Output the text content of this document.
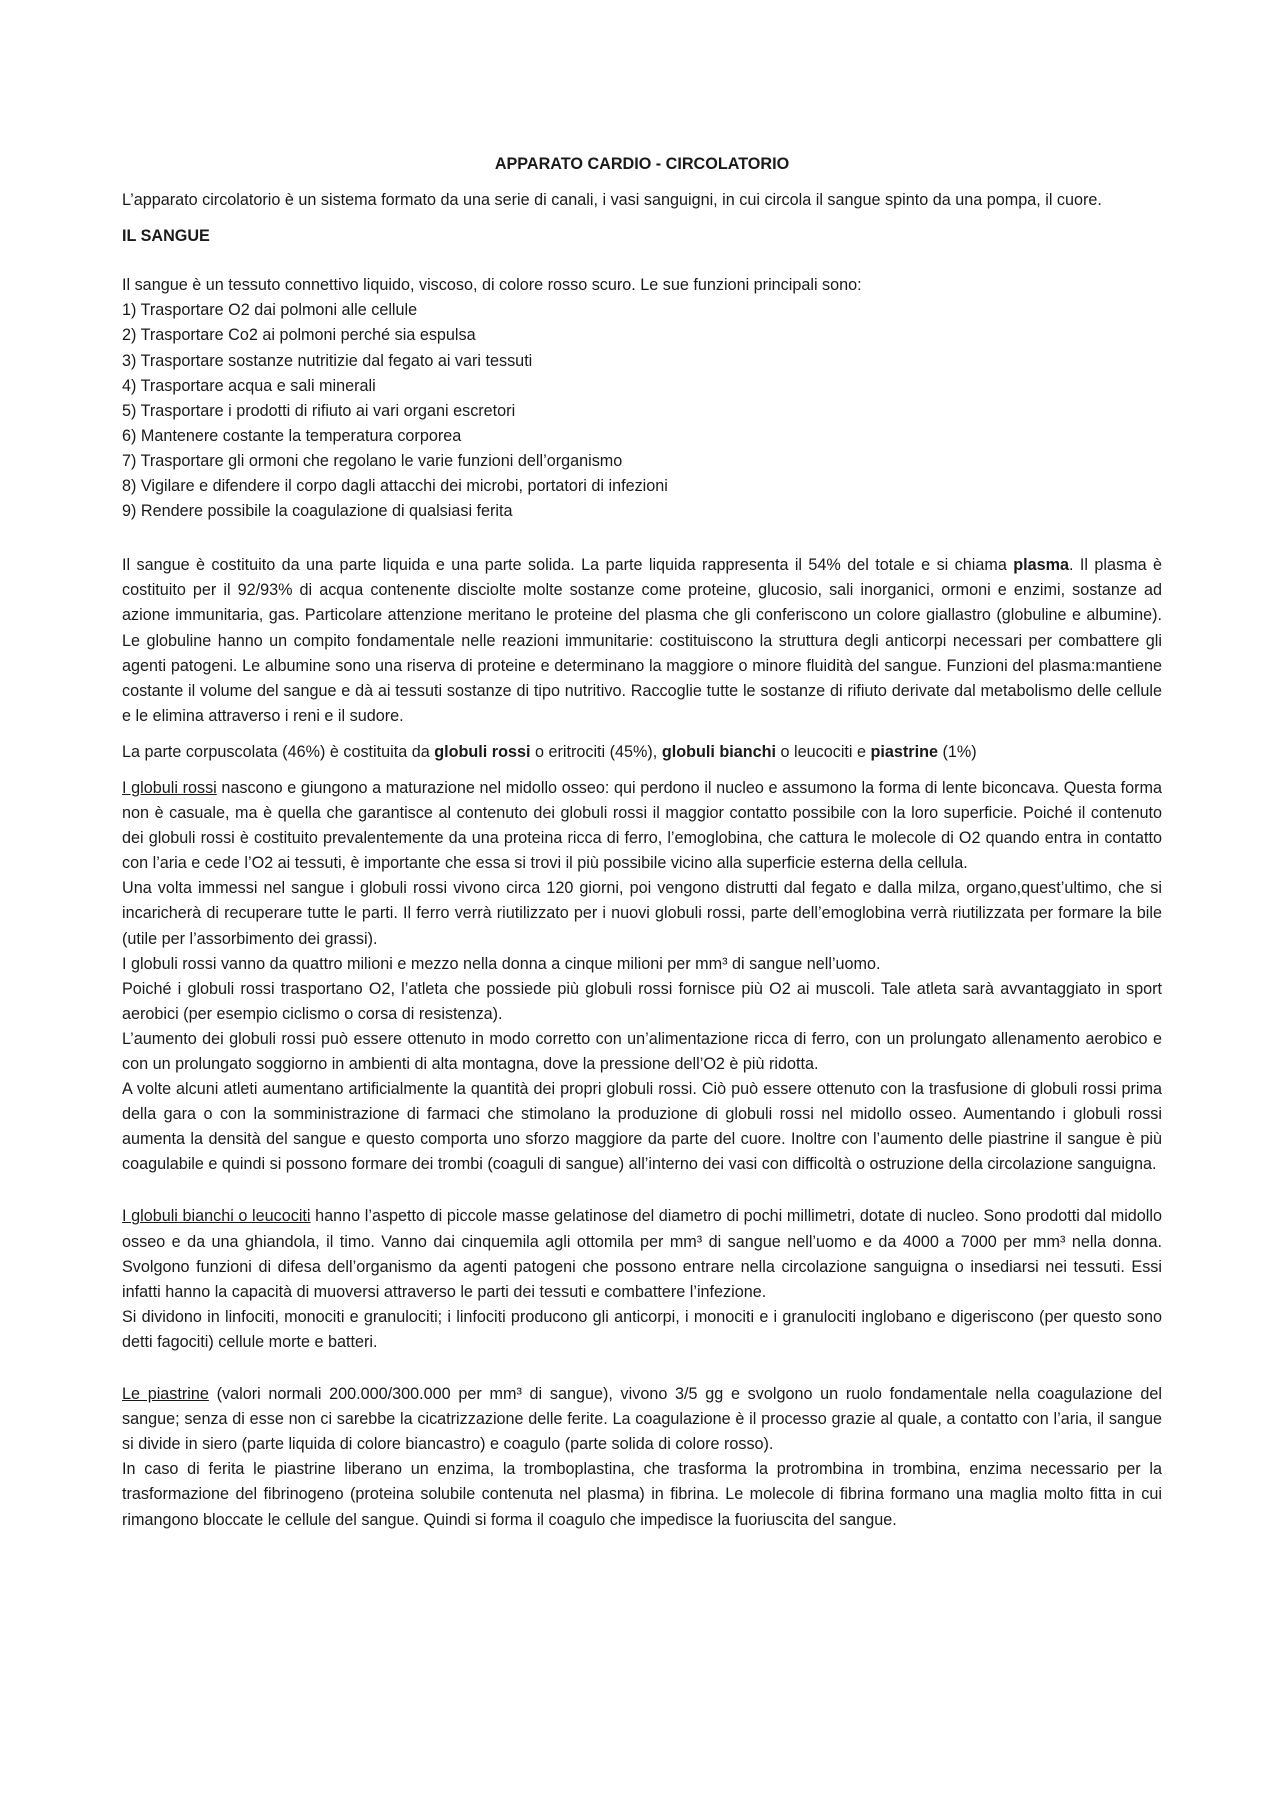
APPARATO CARDIO - CIRCOLATORIO

L’apparato circolatorio è un sistema formato da una serie di canali, i vasi sanguigni, in cui circola il sangue spinto da una pompa, il cuore.

IL SANGUE

Il sangue è un tessuto connettivo liquido, viscoso, di colore rosso scuro. Le sue funzioni principali sono:

1) Trasportare O2 dai polmoni alle cellule
2) Trasportare Co2 ai polmoni perché sia espulsa
3) Trasportare sostanze nutritizie dal fegato ai vari tessuti
4) Trasportare acqua e sali minerali
5) Trasportare i prodotti di rifiuto ai vari organi escretori
6) Mantenere costante la temperatura corporea
7) Trasportare gli ormoni che regolano le varie funzioni dell’organismo
8) Vigilare e difendere il corpo dagli attacchi dei microbi, portatori di infezioni
9) Rendere possibile la coagulazione di qualsiasi ferita

Il sangue è costituito da una parte liquida e una parte solida. La parte liquida rappresenta il 54% del totale e si chiama plasma. Il plasma è costituito per il 92/93% di acqua contenente disciolte molte sostanze come proteine, glucosio, sali inorganici, ormoni e enzimi, sostanze ad azione immunitaria, gas. Particolare attenzione meritano le proteine del plasma che gli conferiscono un colore giallastro (globuline e albumine). Le globuline hanno un compito fondamentale nelle reazioni immunitarie: costituiscono la struttura degli anticorpi necessari per combattere gli agenti patogeni. Le albumine sono una riserva di proteine e determinano la maggiore o minore fluidità del sangue. Funzioni del plasma:mantiene costante il volume del sangue e dà ai tessuti sostanze di tipo nutritivo. Raccoglie tutte le sostanze di rifiuto derivate dal metabolismo delle cellule e le elimina attraverso i reni e il sudore.

La parte corpuscolata (46%) è costituita da globuli rossi o eritrociti (45%), globuli bianchi o leucociti e piastrine (1%)

I globuli rossi nascono e giungono a maturazione nel midollo osseo: qui perdono il nucleo e assumono la forma di lente biconcava. Questa forma non è casuale, ma è quella che garantisce al contenuto dei globuli rossi il maggior contatto possibile con la loro superficie. Poiché il contenuto dei globuli rossi è costituito prevalentemente da una proteina ricca di ferro, l’emoglobina, che cattura le molecole di O2 quando entra in contatto con l’aria e cede l’O2 ai tessuti, è importante che essa si trovi il più possibile vicino alla superficie esterna della cellula.

Una volta immessi nel sangue i globuli rossi vivono circa 120 giorni, poi vengono distrutti dal fegato e dalla milza, organo,quest’ultimo, che si incaricherà di recuperare tutte le parti. Il ferro verrà riutilizzato per i nuovi globuli rossi, parte dell’emoglobina verrà riutilizzata per formare la bile (utile per l’assorbimento dei grassi).

I globuli rossi vanno da quattro milioni e mezzo nella donna a cinque milioni per mm³ di sangue nell’uomo.

Poiché i globuli rossi trasportano O2, l’atleta che possiede più globuli rossi fornisce più O2 ai muscoli. Tale atleta sarà avvantaggiato in sport aerobici (per esempio ciclismo o corsa di resistenza).

L’aumento dei globuli rossi può essere ottenuto in modo corretto con un’alimentazione ricca di ferro, con un prolungato allenamento aerobico e con un prolungato soggiorno in ambienti di alta montagna, dove la pressione dell’O2 è più ridotta.

A volte alcuni atleti aumentano artificialmente la quantità dei propri globuli rossi. Ciò può essere ottenuto con la trasfusione di globuli rossi prima della gara o con la somministrazione di farmaci che stimolano la produzione di globuli rossi nel midollo osseo. Aumentando i globuli rossi aumenta la densità del sangue e questo comporta uno sforzo maggiore da parte del cuore. Inoltre con l’aumento delle piastrine il sangue è più coagulabile e quindi si possono formare dei trombi (coaguli di sangue) all’interno dei vasi con difficoltà o ostruzione della circolazione sanguigna.

I globuli bianchi o leucociti hanno l’aspetto di piccole masse gelatinose del diametro di pochi millimetri, dotate di nucleo. Sono prodotti dal midollo osseo e da una ghiandola, il timo. Vanno dai cinquemila agli ottomila per mm³ di sangue nell’uomo e da 4000 a 7000 per mm³ nella donna. Svolgono funzioni di difesa dell’organismo da agenti patogeni che possono entrare nella circolazione sanguigna o insediarsi nei tessuti. Essi infatti hanno la capacità di muoversi attraverso le parti dei tessuti e combattere l’infezione.

Si dividono in linfociti, monociti e granulociti; i linfociti producono gli anticorpi, i monociti e i granulociti inglobano e digeriscono (per questo sono detti fagociti) cellule morte e batteri.

Le piastrine (valori normali 200.000/300.000 per mm³ di sangue), vivono 3/5 gg e svolgono un ruolo fondamentale nella coagulazione del sangue; senza di esse non ci sarebbe la cicatrizzazione delle ferite. La coagulazione è il processo grazie al quale, a contatto con l’aria, il sangue si divide in siero (parte liquida di colore biancastro) e coagulo (parte solida di colore rosso).

In caso di ferita le piastrine liberano un enzima, la tromboplastina, che trasforma la protrombina in trombina, enzima necessario per la trasformazione del fibrinogeno (proteina solubile contenuta nel plasma) in fibrina. Le molecole di fibrina formano una maglia molto fitta in cui rimangono bloccate le cellule del sangue. Quindi si forma il coagulo che impedisce la fuoriuscita del sangue.
